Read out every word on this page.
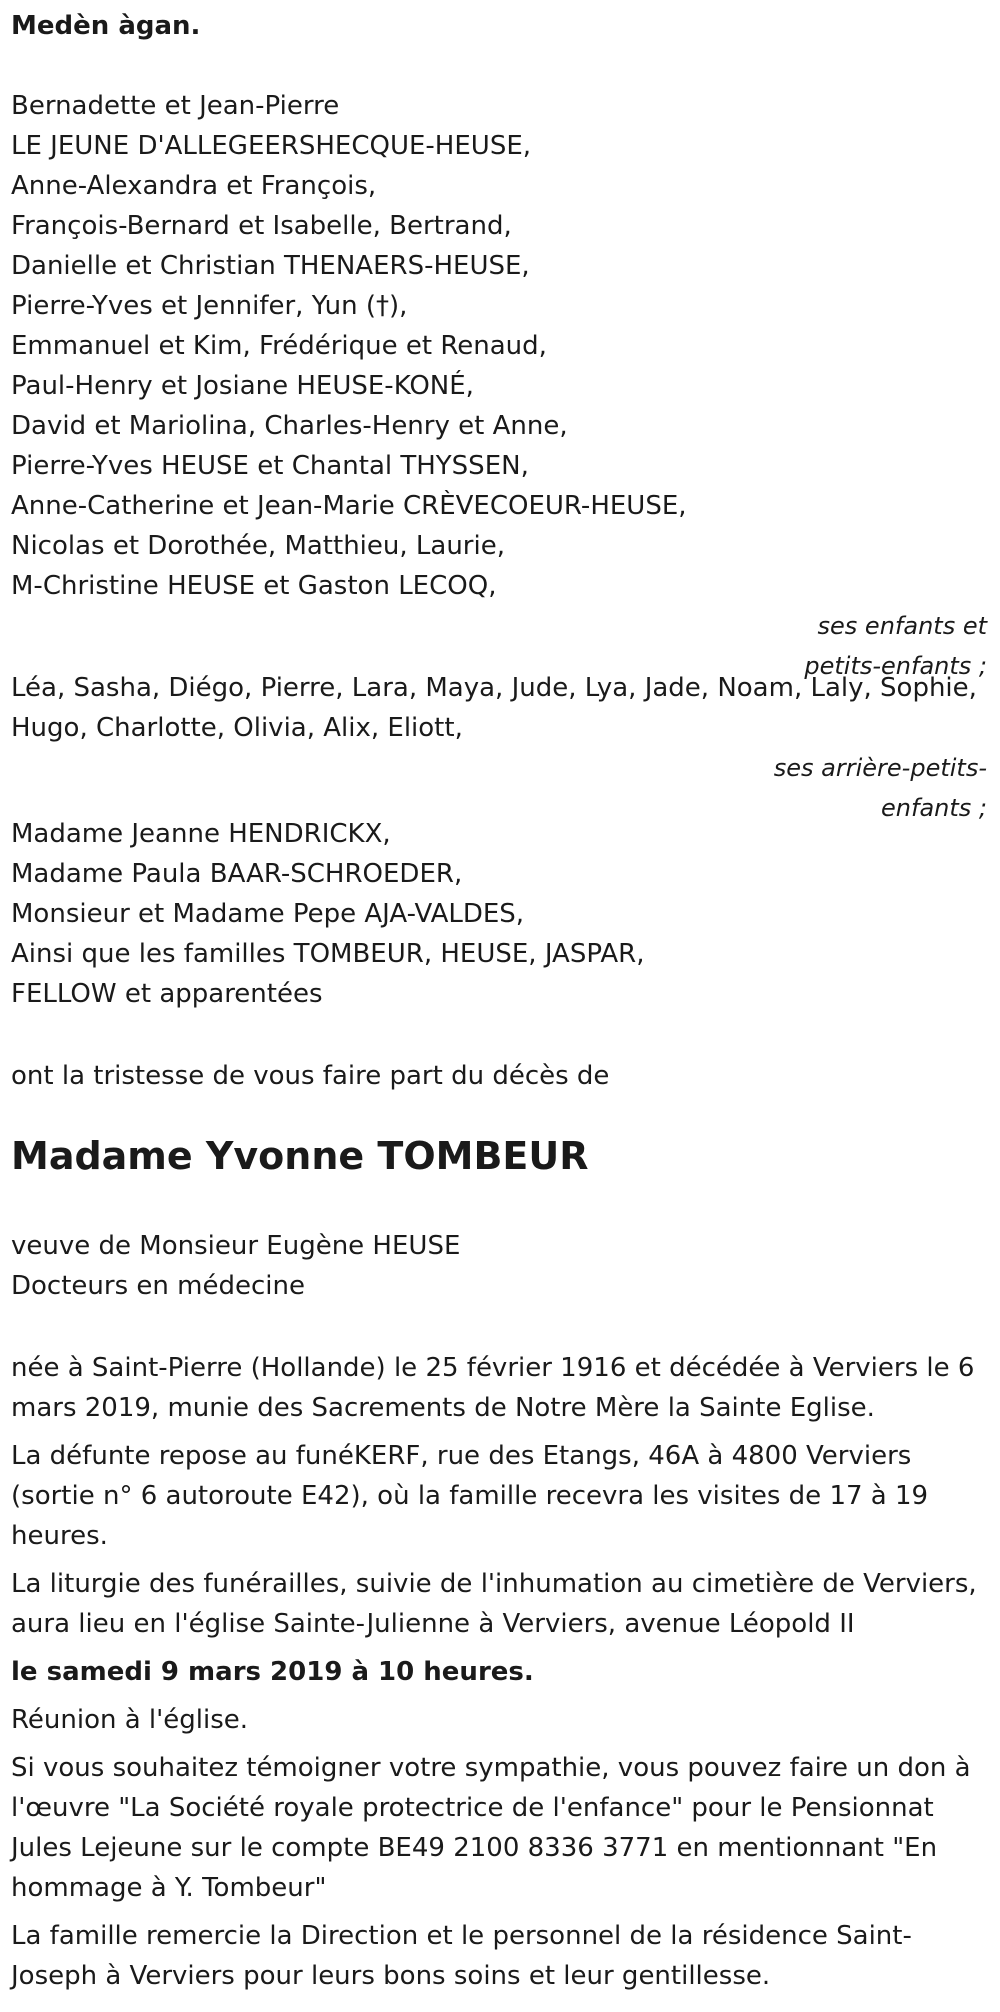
Medèn àgan.
Bernadette et Jean-Pierre
LE JEUNE D'ALLEGEERSHECQUE-HEUSE,
Anne-Alexandra et François,
François-Bernard et Isabelle, Bertrand,
Danielle et Christian THENAERS-HEUSE,
Pierre-Yves et Jennifer, Yun (†),
Emmanuel et Kim, Frédérique et Renaud,
Paul-Henry et Josiane HEUSE-KONÉ,
David et Mariolina, Charles-Henry et Anne,
Pierre-Yves HEUSE et Chantal THYSSEN,
Anne-Catherine et Jean-Marie CRÈVECOEUR-HEUSE,
Nicolas et Dorothée, Matthieu, Laurie,
M-Christine HEUSE et Gaston LECOQ,
ses enfants et
petits-enfants ;
Léa, Sasha, Diégo, Pierre, Lara, Maya, Jude, Lya, Jade, Noam, Laly, Sophie,
Hugo, Charlotte, Olivia, Alix, Eliott,
ses arrière-petits-
enfants ;
Madame Jeanne HENDRICKX,
Madame Paula BAAR-SCHROEDER,
Monsieur et Madame Pepe AJA-VALDES,
Ainsi que les familles TOMBEUR, HEUSE, JASPAR,
FELLOW et apparentées
ont la tristesse de vous faire part du décès de
Madame Yvonne TOMBEUR
veuve de Monsieur Eugène HEUSE
Docteurs en médecine
née à Saint-Pierre (Hollande) le 25 février 1916 et décédée à Verviers le 6 mars 2019, munie des Sacrements de Notre Mère la Sainte Eglise.
La défunte repose au funéKERF, rue des Etangs, 46A à 4800 Verviers (sortie n° 6 autoroute E42), où la famille recevra les visites de 17 à 19 heures.
La liturgie des funérailles, suivie de l'inhumation au cimetière de Verviers, aura lieu en l'église Sainte-Julienne à Verviers, avenue Léopold II
le samedi 9 mars 2019 à 10 heures.
Réunion à l'église.
Si vous souhaitez témoigner votre sympathie, vous pouvez faire un don à l'œuvre "La Société royale protectrice de l'enfance" pour le Pensionnat Jules Lejeune sur le compte BE49 2100 8336 3771 en mentionnant "En hommage à Y. Tombeur"
La famille remercie la Direction et le personnel de la résidence Saint-Joseph à Verviers pour leurs bons soins et leur gentillesse.
